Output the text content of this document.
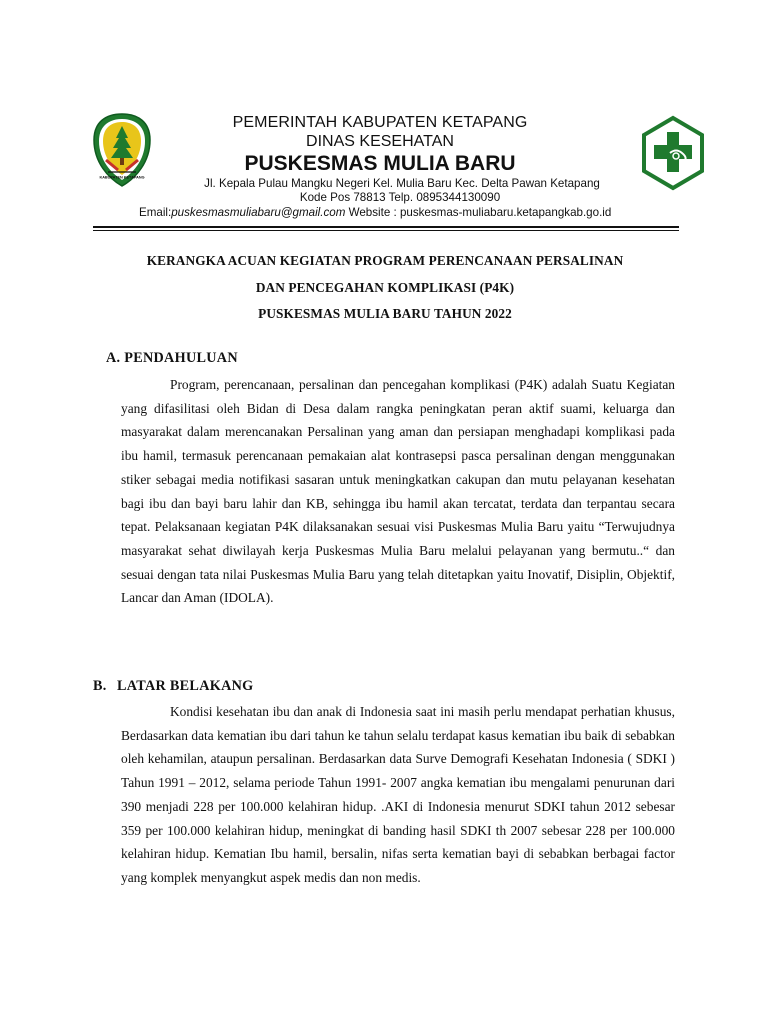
KABUPATEN KETAPANG
PEMERINTAH KABUPATEN KETAPANG
DINAS KESEHATAN
PUSKESMAS MULIA BARU
Jl. Kepala Pulau Mangku Negeri Kel. Mulia Baru Kec. Delta Pawan Ketapang
Kode Pos 78813 Telp. 0895344130090
Email:puskesmasmuliabaru@gmail.com Website : puskesmas-muliabaru.ketapangkab.go.id
KERANGKA ACUAN KEGIATAN PROGRAM PERENCANAAN PERSALINAN
DAN PENCEGAHAN KOMPLIKASI (P4K)
PUSKESMAS MULIA BARU TAHUN 2022
A. PENDAHULUAN

Program, perencanaan, persalinan dan pencegahan komplikasi (P4K) adalah Suatu Kegiatan yang difasilitasi oleh Bidan di Desa dalam rangka peningkatan peran aktif suami, keluarga dan masyarakat dalam merencanakan Persalinan yang aman dan persiapan menghadapi komplikasi pada ibu hamil, termasuk perencanaan pemakaian alat kontrasepsi pasca persalinan dengan menggunakan stiker sebagai media notifikasi sasaran untuk meningkatkan cakupan dan mutu pelayanan kesehatan bagi ibu dan bayi baru lahir dan KB, sehingga ibu hamil akan tercatat, terdata dan terpantau secara tepat. Pelaksanaan kegiatan P4K dilaksanakan sesuai visi Puskesmas Mulia Baru yaitu “Terwujudnya masyarakat sehat diwilayah kerja Puskesmas Mulia Baru melalui pelayanan yang bermutu..“ dan sesuai dengan tata nilai Puskesmas Mulia Baru yang telah ditetapkan yaitu Inovatif, Disiplin, Objektif, Lancar dan Aman (IDOLA).

B. LATAR BELAKANG

Kondisi kesehatan ibu dan anak di Indonesia saat ini masih perlu mendapat perhatian khusus, Berdasarkan data kematian ibu dari tahun ke tahun selalu terdapat kasus kematian ibu baik di sebabkan oleh kehamilan, ataupun persalinan. Berdasarkan data Surve Demografi Kesehatan Indonesia ( SDKI ) Tahun 1991 – 2012, selama periode Tahun 1991- 2007 angka kematian ibu mengalami penurunan dari 390 menjadi 228 per 100.000 kelahiran hidup. .AKI di Indonesia menurut SDKI tahun 2012 sebesar 359 per 100.000 kelahiran hidup, meningkat di banding hasil SDKI th 2007 sebesar 228 per 100.000 kelahiran hidup. Kematian Ibu hamil, bersalin, nifas serta kematian bayi di sebabkan berbagai factor yang komplek menyangkut aspek medis dan non medis.
